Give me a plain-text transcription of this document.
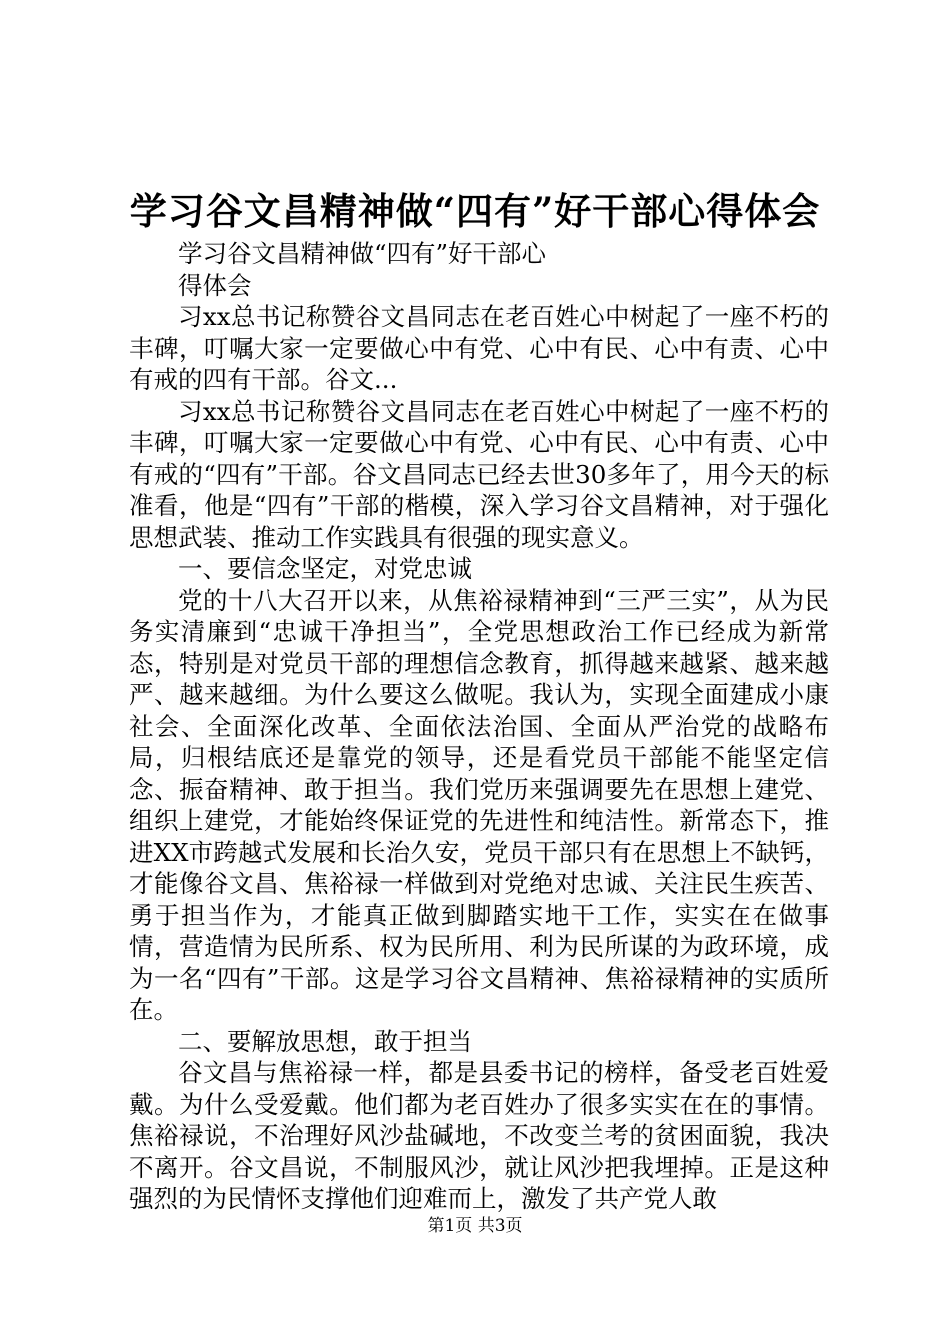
学习谷文昌精神做“四有”好干部心得体会

学习谷文昌精神做“四有”好干部心

得体会

习xx总书记称赞谷文昌同志在老百姓心中树起了一座不朽的丰碑，叮嘱大家一定要做心中有党、心中有民、心中有责、心中有戒的四有干部。谷文...

习xx总书记称赞谷文昌同志在老百姓心中树起了一座不朽的丰碑，叮嘱大家一定要做心中有党、心中有民、心中有责、心中有戒的“四有”干部。谷文昌同志已经去世30多年了，用今天的标准看，他是“四有”干部的楷模，深入学习谷文昌精神，对于强化思想武装、推动工作实践具有很强的现实意义。

一、要信念坚定，对党忠诚

党的十八大召开以来，从焦裕禄精神到“三严三实”，从为民务实清廉到“忠诚干净担当”，全党思想政治工作已经成为新常态，特别是对党员干部的理想信念教育，抓得越来越紧、越来越严、越来越细。为什么要这么做呢。我认为，实现全面建成小康社会、全面深化改革、全面依法治国、全面从严治党的战略布局，归根结底还是靠党的领导，还是看党员干部能不能坚定信念、振奋精神、敢于担当。我们党历来强调要先在思想上建党、组织上建党，才能始终保证党的先进性和纯洁性。新常态下，推进XX市跨越式发展和长治久安，党员干部只有在思想上不缺钙，才能像谷文昌、焦裕禄一样做到对党绝对忠诚、关注民生疾苦、勇于担当作为，才能真正做到脚踏实地干工作，实实在在做事情，营造情为民所系、权为民所用、利为民所谋的为政环境，成为一名“四有”干部。这是学习谷文昌精神、焦裕禄精神的实质所在。

二、要解放思想，敢于担当

谷文昌与焦裕禄一样，都是县委书记的榜样，备受老百姓爱戴。为什么受爱戴。他们都为老百姓办了很多实实在在的事情。焦裕禄说，不治理好风沙盐碱地，不改变兰考的贫困面貌，我决不离开。谷文昌说，不制服风沙，就让风沙把我埋掉。正是这种强烈的为民情怀支撑他们迎难而上，激发了共产党人敢

第1页 共3页
